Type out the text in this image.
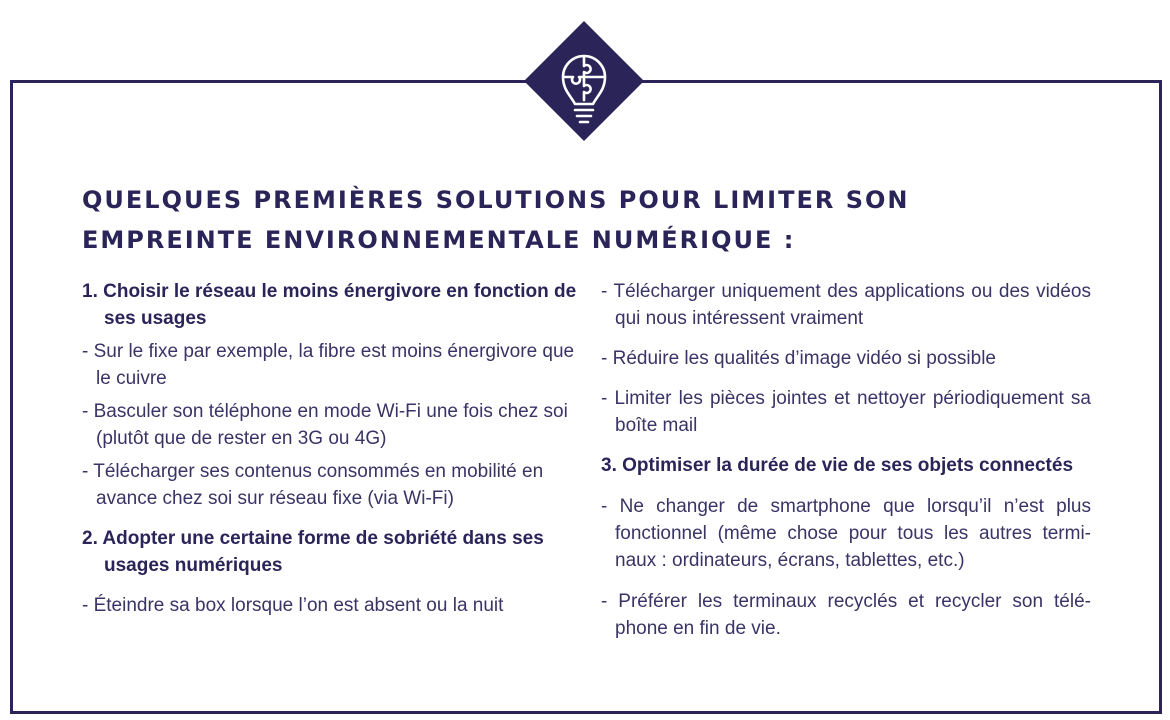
QUELQUES PREMIÈRES SOLUTIONS POUR LIMITER SON EMPREINTE ENVIRONNEMENTALE NUMÉRIQUE :

1. Choisir le réseau le moins énergivore en fonction de ses usages

- Sur le fixe par exemple, la fibre est moins énergivore que le cuivre

- Basculer son téléphone en mode Wi-Fi une fois chez soi (plutôt que de rester en 3G ou 4G)

- Télécharger ses contenus consommés en mobilité en avance chez soi sur réseau fixe (via Wi-Fi)

2. Adopter une certaine forme de sobriété dans ses usages numériques

- Éteindre sa box lorsque l’on est absent ou la nuit

- Télécharger uniquement des applications ou des vidéos qui nous intéressent vraiment

- Réduire les qualités d’image vidéo si possible

- Limiter les pièces jointes et nettoyer périodiquement sa boîte mail

3. Optimiser la durée de vie de ses objets connectés

- Ne changer de smartphone que lorsqu’il n’est plus fonctionnel (même chose pour tous les autres termi-naux : ordinateurs, écrans, tablettes, etc.)

- Préférer les terminaux recyclés et recycler son télé-phone en fin de vie.
